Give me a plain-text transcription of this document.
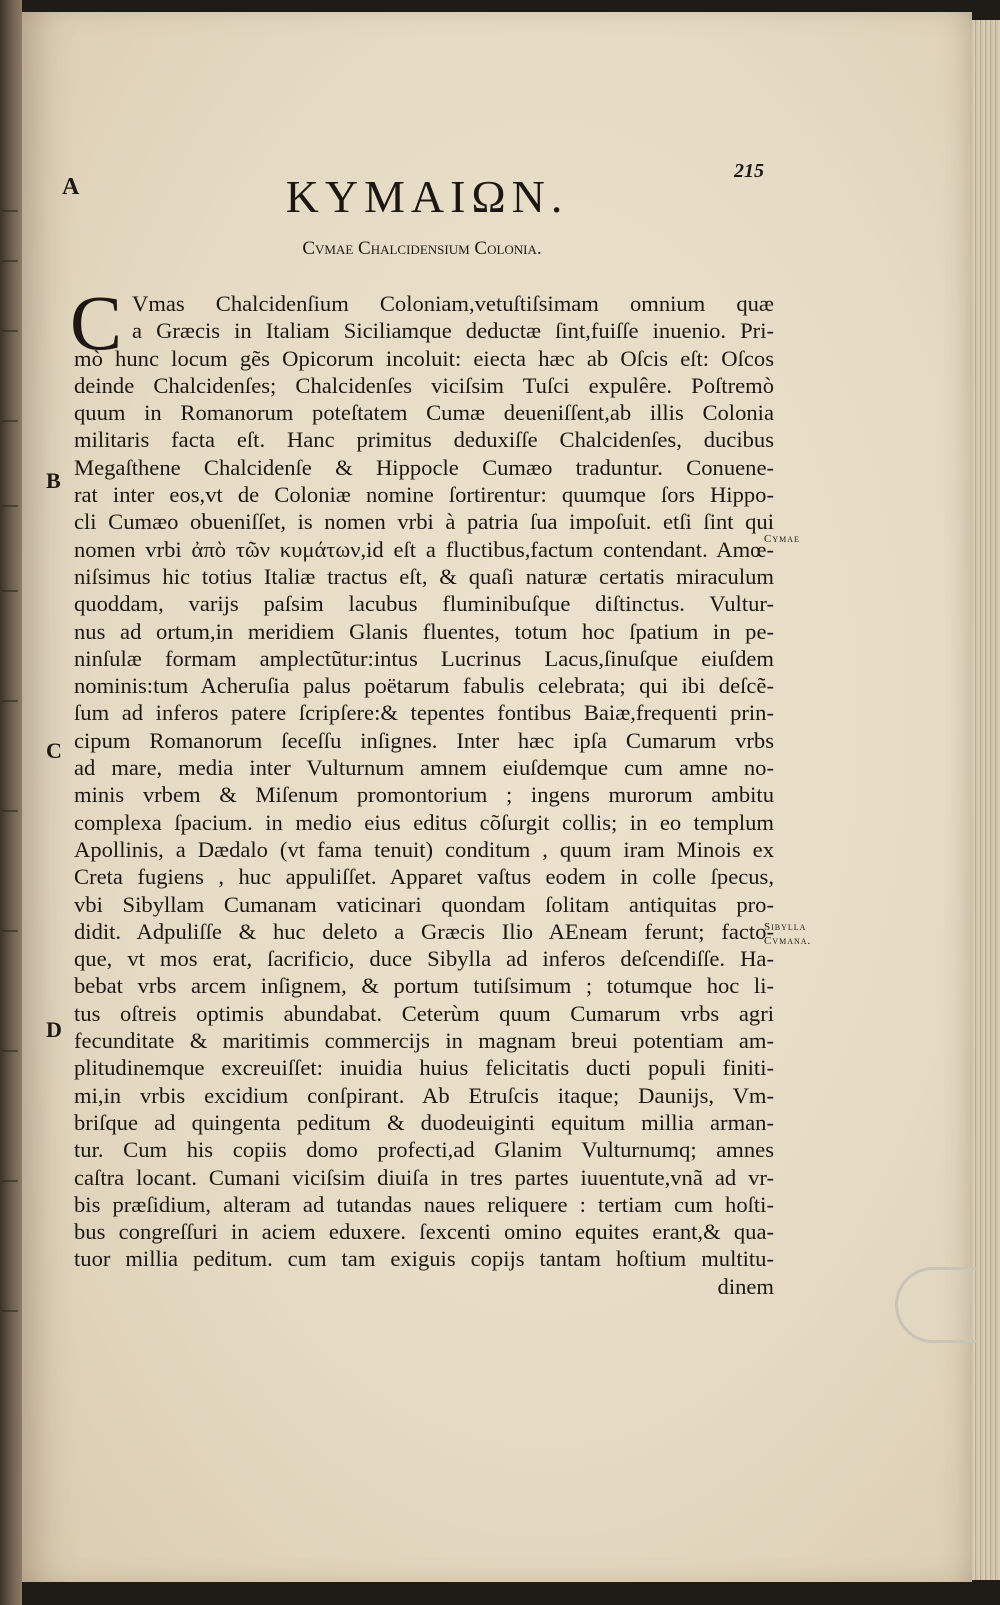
A
215
ΚΥΜΑΙΩΝ.
Cvmae Chalcidensium Colonia.
B
C
D
Cymae
Sibylla
Cvmana.
C Vmas Chalcidenſium Coloniam,vetuſtiſsimam omnium quæ
a Græcis in Italiam Siciliamque deductæ ſint,fuiſſe inuenio. Pri-
mò hunc locum gẽs Opicorum incoluit: eiecta hæc ab Oſcis eſt: Oſcos
deinde Chalcidenſes; Chalcidenſes viciſsim Tuſci expulêre. Poſtremò
quum in Romanorum poteſtatem Cumæ deueniſſent,ab illis Colonia
militaris facta eſt. Hanc primitus deduxiſſe Chalcidenſes, ducibus
Megaſthene Chalcidenſe & Hippocle Cumæo traduntur. Conuene-
rat inter eos,vt de Coloniæ nomine ſortirentur: quumque ſors Hippo-
cli Cumæo obueniſſet, is nomen vrbi à patria ſua impoſuit. etſi ſint qui
nomen vrbi ἀπὸ τῶν κυμάτων,id eſt a fluctibus,factum contendant. Amœ-
niſsimus hic totius Italiæ tractus eſt, & quaſi naturæ certatis miraculum
quoddam, varijs paſsim lacubus fluminibuſque diſtinctus. Vultur-
nus ad ortum,in meridiem Glanis fluentes, totum hoc ſpatium in pe-
ninſulæ formam amplectũtur:intus Lucrinus Lacus,ſinuſque eiuſdem
nominis:tum Acheruſia palus poëtarum fabulis celebrata; qui ibi deſcẽ-
ſum ad inferos patere ſcripſere:& tepentes fontibus Baiæ,frequenti prin-
cipum Romanorum ſeceſſu inſignes. Inter hæc ipſa Cumarum vrbs
ad mare, media inter Vulturnum amnem eiuſdemque cum amne no-
minis vrbem & Miſenum promontorium ; ingens murorum ambitu
complexa ſpacium. in medio eius editus cõſurgit collis; in eo templum
Apollinis, a Dædalo (vt fama tenuit) conditum , quum iram Minois ex
Creta fugiens , huc appuliſſet. Apparet vaſtus eodem in colle ſpecus,
vbi Sibyllam Cumanam vaticinari quondam ſolitam antiquitas pro-
didit. Adpuliſſe & huc deleto a Græcis Ilio AEneam ferunt; facto-
que, vt mos erat, ſacrificio, duce Sibylla ad inferos deſcendiſſe. Ha-
bebat vrbs arcem inſignem, & portum tutiſsimum ; totumque hoc li-
tus oſtreis optimis abundabat. Ceterùm quum Cumarum vrbs agri
fecunditate & maritimis commercijs in magnam breui potentiam am-
plitudinemque excreuiſſet: inuidia huius felicitatis ducti populi finiti-
mi,in vrbis excidium conſpirant. Ab Etruſcis itaque; Daunijs, Vm-
briſque ad quingenta peditum & duodeuiginti equitum millia arman-
tur. Cum his copiis domo profecti,ad Glanim Vulturnumq; amnes
caſtra locant. Cumani viciſsim diuiſa in tres partes iuuentute,vnã ad vr-
bis præſidium, alteram ad tutandas naues reliquere : tertiam cum hoſti-
bus congreſſuri in aciem eduxere. ſexcenti omino equites erant,& qua-
tuor millia peditum. cum tam exiguis copijs tantam hoſtium multitu-
dinem
